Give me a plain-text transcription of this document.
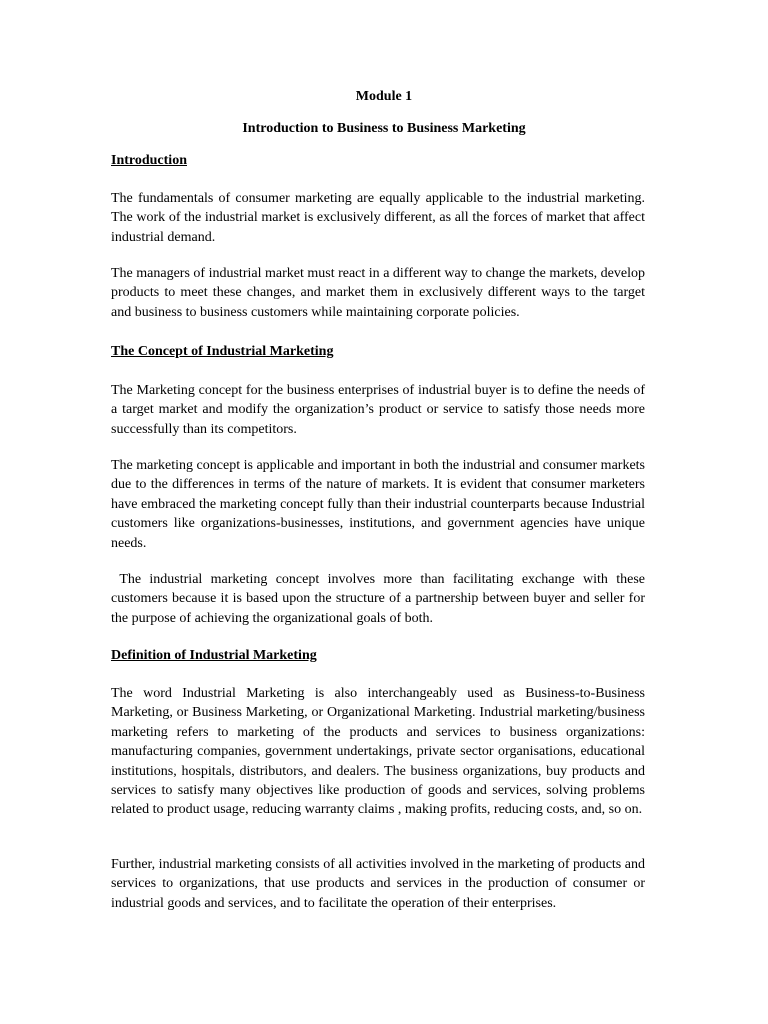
Module 1
Introduction to Business to Business Marketing
Introduction
The fundamentals of consumer marketing are equally applicable to the industrial marketing. The work of the industrial market is exclusively different, as all the forces of market that affect industrial demand.
The managers of industrial market must react in a different way to change the markets, develop products to meet these changes, and market them in exclusively different ways to the target and business to business customers while maintaining corporate policies.
The Concept of Industrial Marketing
The Marketing concept for the business enterprises of industrial buyer is to define the needs of a target market and modify the organization’s product or service to satisfy those needs more successfully than its competitors.
The marketing concept is applicable and important in both the industrial and consumer markets due to the differences in terms of the nature of markets. It is evident that consumer marketers have embraced the marketing concept fully than their industrial counterparts because Industrial customers like organizations-businesses, institutions, and government agencies have unique needs.
The industrial marketing concept involves more than facilitating exchange with these customers because it is based upon the structure of a partnership between buyer and seller for the purpose of achieving the organizational goals of both.
Definition of Industrial Marketing
The word Industrial Marketing is also interchangeably used as Business-to-Business Marketing, or Business Marketing, or Organizational Marketing. Industrial marketing/business marketing refers to marketing of the products and services to business organizations: manufacturing companies, government undertakings, private sector organisations, educational institutions, hospitals, distributors, and dealers. The business organizations, buy products and services to satisfy many objectives like production of goods and services, solving problems related to product usage, reducing warranty claims , making profits, reducing costs, and, so on.
Further, industrial marketing consists of all activities involved in the marketing of products and services to organizations, that use products and services in the production of consumer or industrial goods and services, and to facilitate the operation of their enterprises.
